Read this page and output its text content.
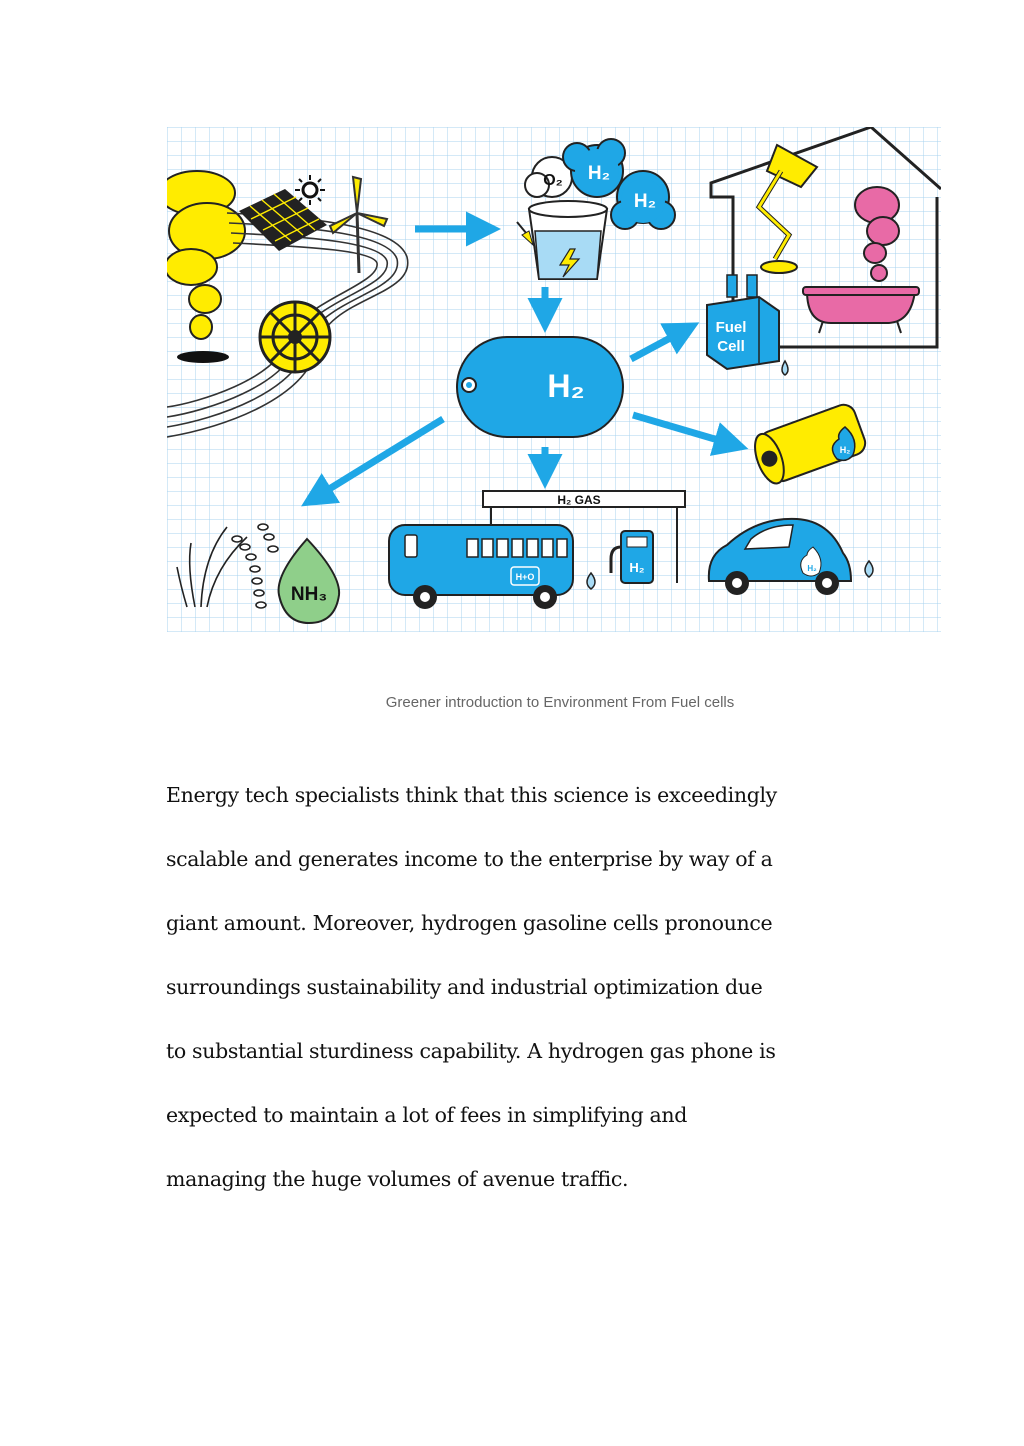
O₂ H₂
H₂
H₂
Fuel
Cell
H₂
H₂ GAS
H+O
H₂	H₂
NH₃
Greener introduction to Environment From Fuel cells

Energy tech specialists think that this science is exceedingly
scalable and generates income to the enterprise by way of a
giant amount. Moreover, hydrogen gasoline cells pronounce
surroundings sustainability and industrial optimization due
to substantial sturdiness capability. A hydrogen gas phone is
expected to maintain a lot of fees in simplifying and
managing the huge volumes of avenue traffic.
